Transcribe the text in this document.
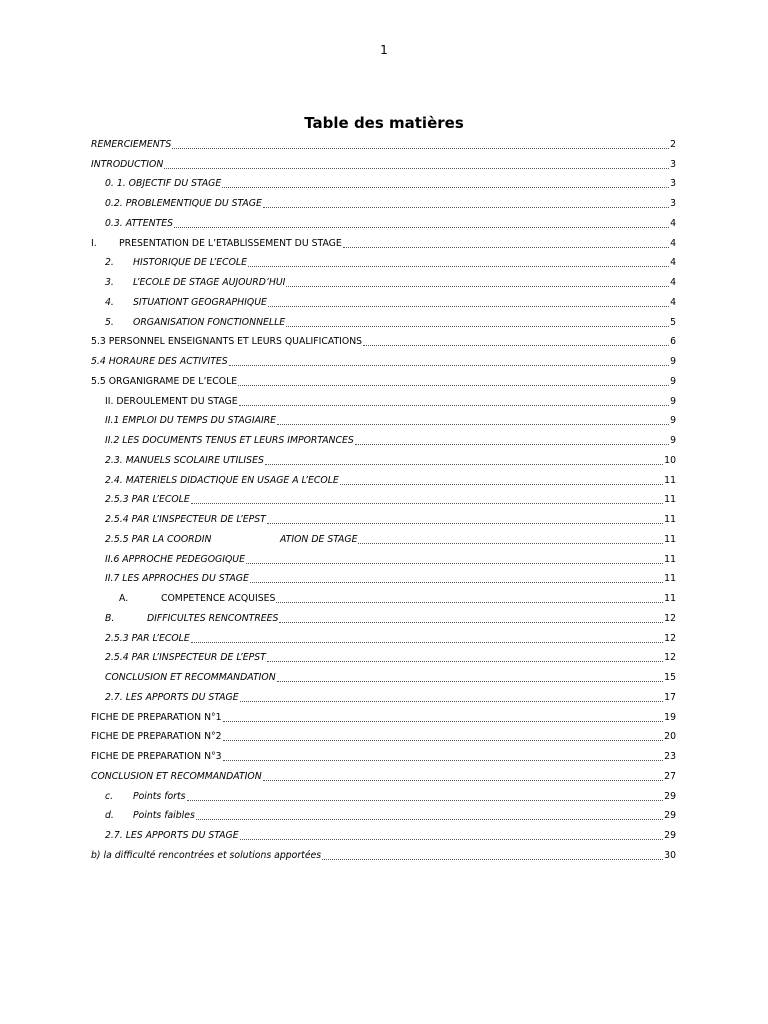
1
Table des matières
REMERCIEMENTS	2
INTRODUCTION	3
0. 1. OBJECTIF DU STAGE	3
0.2. PROBLEMENTIQUE DU STAGE	3
0.3. ATTENTES	4
I.	PRESENTATION DE L’ETABLISSEMENT DU STAGE	4
2.	HISTORIQUE DE L’ECOLE	4
3.	L’ECOLE DE STAGE AUJOURD’HUI	4
4.	SITUATIONT GEOGRAPHIQUE	4
5.	ORGANISATION FONCTIONNELLE	5
5.3 PERSONNEL ENSEIGNANTS ET LEURS QUALIFICATIONS	6
5.4 HORAURE DES ACTIVITES	9
5.5 ORGANIGRAME DE L’ECOLE	9
II. DEROULEMENT DU STAGE	9
II.1 EMPLOI DU TEMPS DU STAGIAIRE	9
II.2 LES DOCUMENTS TENUS ET LEURS IMPORTANCES	9
2.3. MANUELS SCOLAIRE UTILISES	10
2.4. MATERIELS DIDACTIQUE EN USAGE A L’ECOLE	11
2.5.3 PAR L’ECOLE	11
2.5.4 PAR L’INSPECTEUR DE L’EPST	11
2.5.5 PAR LA COORDIN	ATION DE STAGE	11
II.6 APPROCHE PEDEGOGIQUE	11
II.7 LES APPROCHES DU STAGE	11
A.	COMPETENCE ACQUISES	11
B.	DIFFICULTES RENCONTREES	12
2.5.3 PAR L’ECOLE	12
2.5.4 PAR L’INSPECTEUR DE L’EPST	12
CONCLUSION ET RECOMMANDATION	15
2.7. LES APPORTS DU STAGE	17
FICHE DE PREPARATION N°1	19
FICHE DE PREPARATION N°2	20
FICHE DE PREPARATION N°3	23
CONCLUSION ET RECOMMANDATION	27
c.	Points forts	29
d.	Points faibles	29
2.7. LES APPORTS DU STAGE	29
b) la difficulté rencontrées et solutions apportées	30
